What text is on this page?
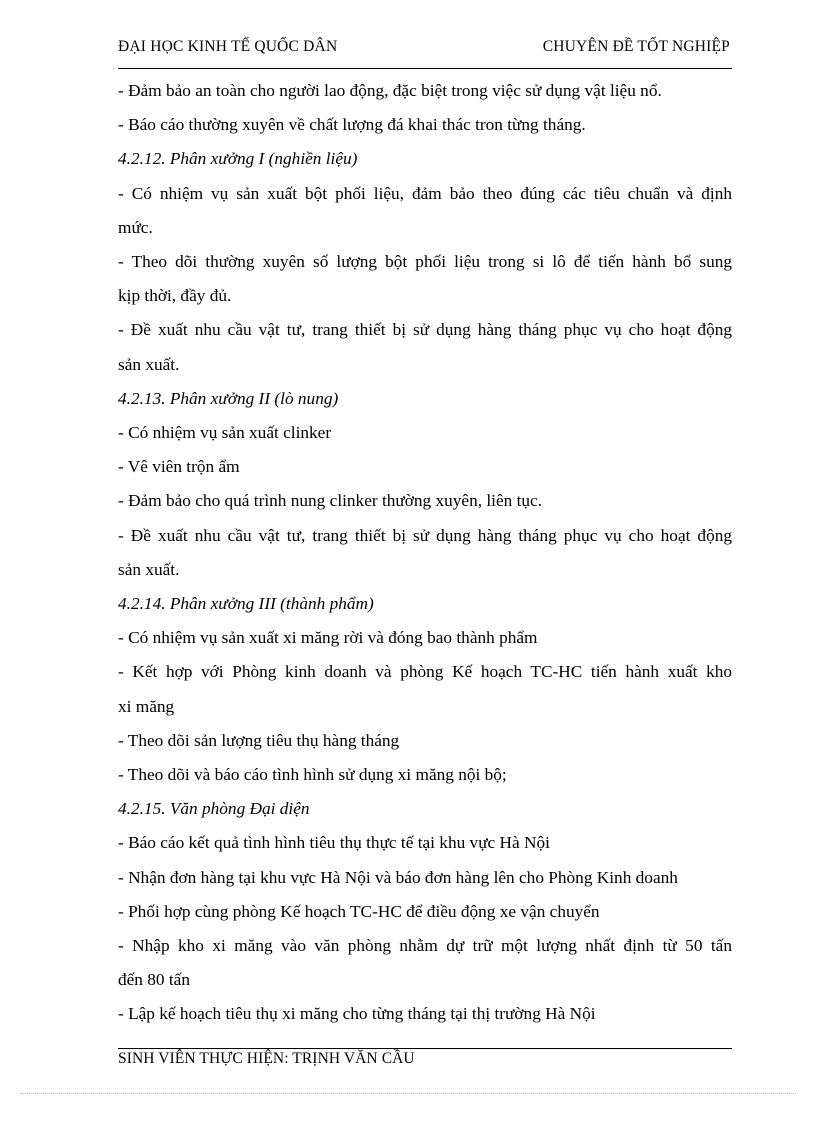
ĐẠI HỌC KINH TẾ QUỐC DÂN	CHUYÊN ĐỀ TỐT NGHIỆP

- Đảm bảo an toàn cho người lao động, đặc biệt trong việc sử dụng vật liệu nổ.

- Báo cáo thường xuyên về chất lượng đá khai thác tron từng tháng.

4.2.12. Phân xưởng I (nghiền liệu)

- Có nhiệm vụ sản xuất bột phối liệu, đảm bảo theo đúng các tiêu chuẩn và định

mức.

- Theo dõi thường xuyên số lượng bột phối liệu trong si lô để tiến hành bổ sung

kịp thời, đầy đủ.

- Đề xuất nhu cầu vật tư, trang thiết bị sử dụng hàng tháng phục vụ cho hoạt động

sản xuất.

4.2.13. Phân xưởng II (lò nung)

- Có nhiệm vụ sản xuất clinker

- Vê viên trộn ẩm

- Đảm bảo cho quá trình nung clinker thường xuyên, liên tục.

- Đề xuất nhu cầu vật tư, trang thiết bị sử dụng hàng tháng phục vụ cho hoạt động

sản xuất.

4.2.14. Phân xưởng III (thành phẩm)

- Có nhiệm vụ sản xuất xi măng rời và đóng bao thành phẩm

- Kết hợp với Phòng kinh doanh và phòng Kế hoạch TC-HC tiến hành xuất kho

xi măng

- Theo dõi sản lượng tiêu thụ hàng tháng

- Theo dõi và báo cáo tình hình sử dụng xi măng nội bộ;

4.2.15. Văn phòng Đại diện

- Báo cáo kết quả tình hình tiêu thụ thực tế tại khu vực Hà Nội

- Nhận đơn hàng tại khu vực Hà Nội và báo đơn hàng lên cho Phòng Kinh doanh

- Phối hợp cùng phòng Kế hoạch TC-HC để điều động xe vận chuyển

- Nhập kho xi măng vào văn phòng nhằm dự trữ một lượng nhất định từ 50 tấn

đến 80 tấn

- Lập kế hoạch tiêu thụ xi măng cho từng tháng tại thị trường Hà Nội

SINH VIÊN THỰC HIỆN: TRỊNH VĂN CẦU
